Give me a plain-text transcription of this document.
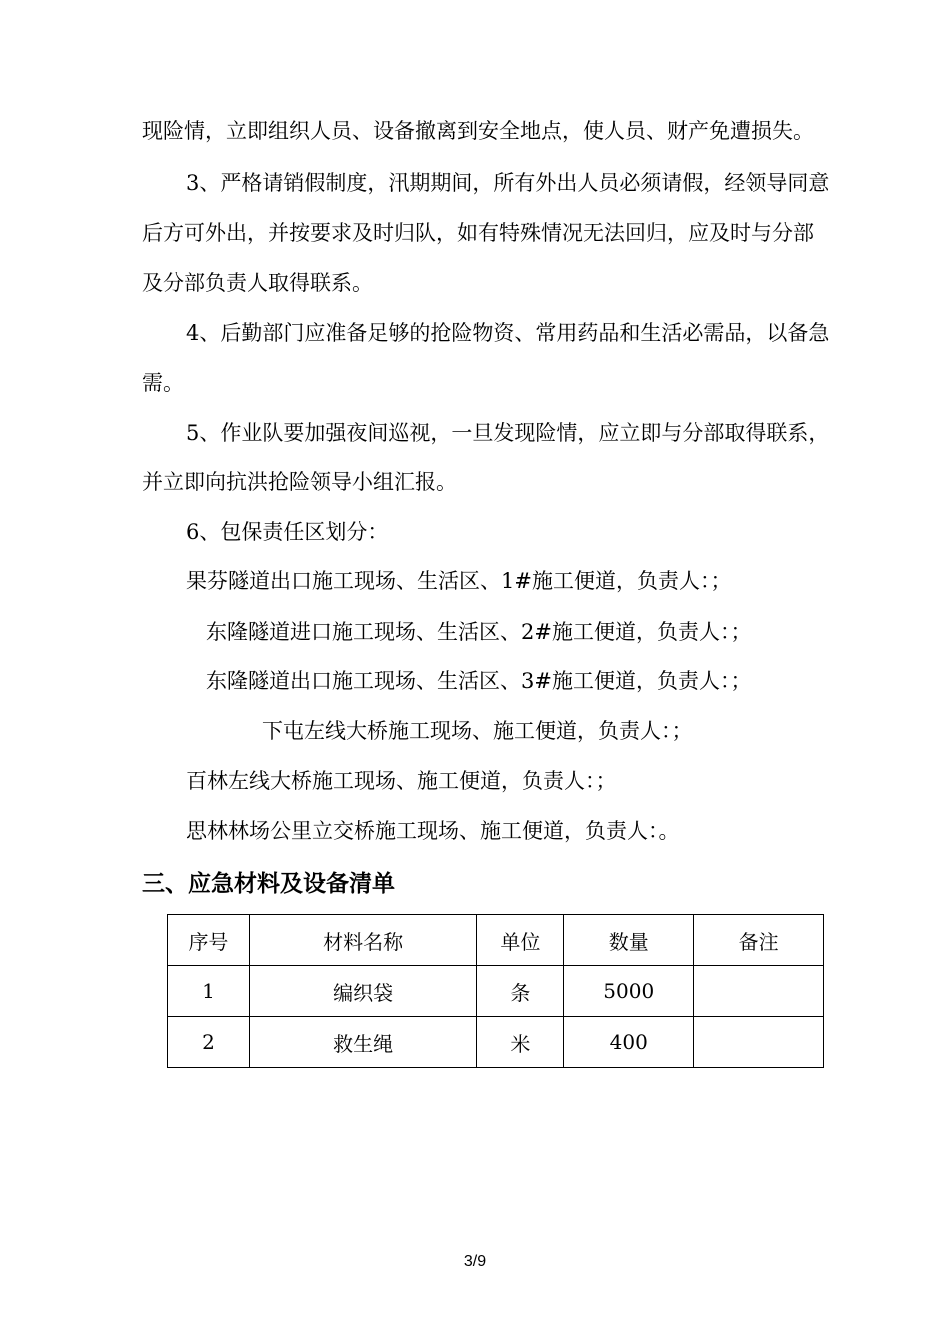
现险情，立即组织人员、设备撤离到安全地点，使人员、财产免遭损失。
3、严格请销假制度，汛期期间，所有外出人员必须请假，经领导同意
后方可外出，并按要求及时归队，如有特殊情况无法回归，应及时与分部
及分部负责人取得联系。
4、后勤部门应准备足够的抢险物资、常用药品和生活必需品，以备急
需。
5、作业队要加强夜间巡视，一旦发现险情，应立即与分部取得联系，
并立即向抗洪抢险领导小组汇报。
6、包保责任区划分：
果芬隧道出口施工现场、生活区、1#施工便道，负责人：；
东隆隧道进口施工现场、生活区、2#施工便道，负责人：；
东隆隧道出口施工现场、生活区、3#施工便道，负责人：；
下屯左线大桥施工现场、施工便道，负责人：；
百林左线大桥施工现场、施工便道，负责人：；
思林林场公里立交桥施工现场、施工便道，负责人：。
三、应急材料及设备清单
序号	材料名称	单位	数量	备注
1	编织袋	条	5000	
2	救生绳	米	400	
3/9
